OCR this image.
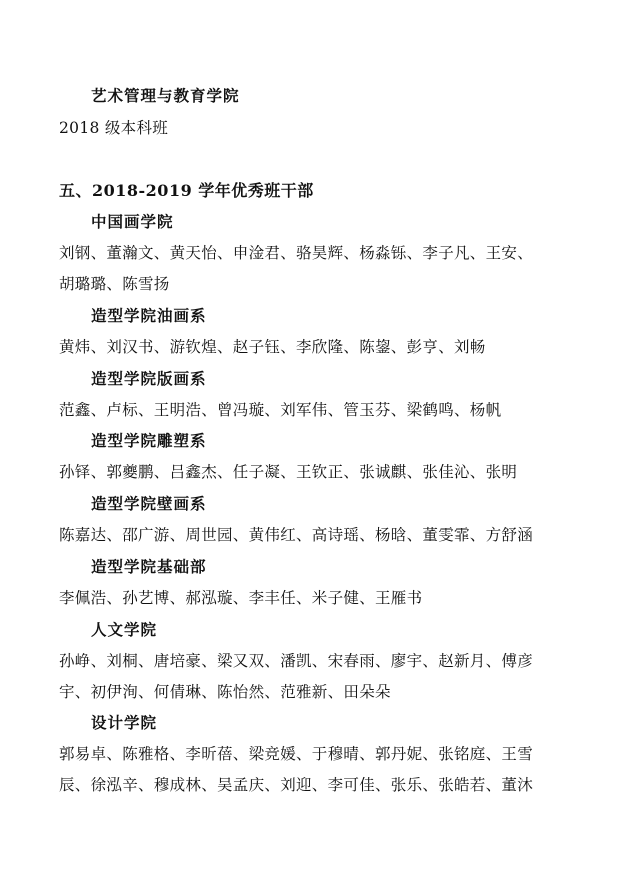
艺术管理与教育学院
2018 级本科班
五、2018-2019 学年优秀班干部
中国画学院
刘钢、董瀚文、黄天怡、申淦君、骆昊辉、杨淼铄、李子凡、王安、
胡璐璐、陈雪扬
造型学院油画系
黄炜、刘汉书、游钦煌、赵子钰、李欣隆、陈鋆、彭亨、刘畅
造型学院版画系
范鑫、卢标、王明浩、曾冯璇、刘军伟、管玉芬、梁鹤鸣、杨帆
造型学院雕塑系
孙铎、郭夔鹏、吕鑫杰、任子凝、王钦正、张诚麒、张佳沁、张明
造型学院壁画系
陈嘉达、邵广游、周世园、黄伟红、高诗瑶、杨晗、董雯霏、方舒涵
造型学院基础部
李佩浩、孙艺博、郝泓璇、李丰任、米子健、王雁书
人文学院
孙峥、刘桐、唐培豪、梁又双、潘凯、宋春雨、廖宇、赵新月、傅彦
宇、初伊洵、何倩琳、陈怡然、范雅新、田朵朵
设计学院
郭易卓、陈雅格、李昕蓓、梁竞媛、于穆晴、郭丹妮、张铭庭、王雪
辰、徐泓辛、穆成林、吴孟庆、刘迎、李可佳、张乐、张皓若、董沐
